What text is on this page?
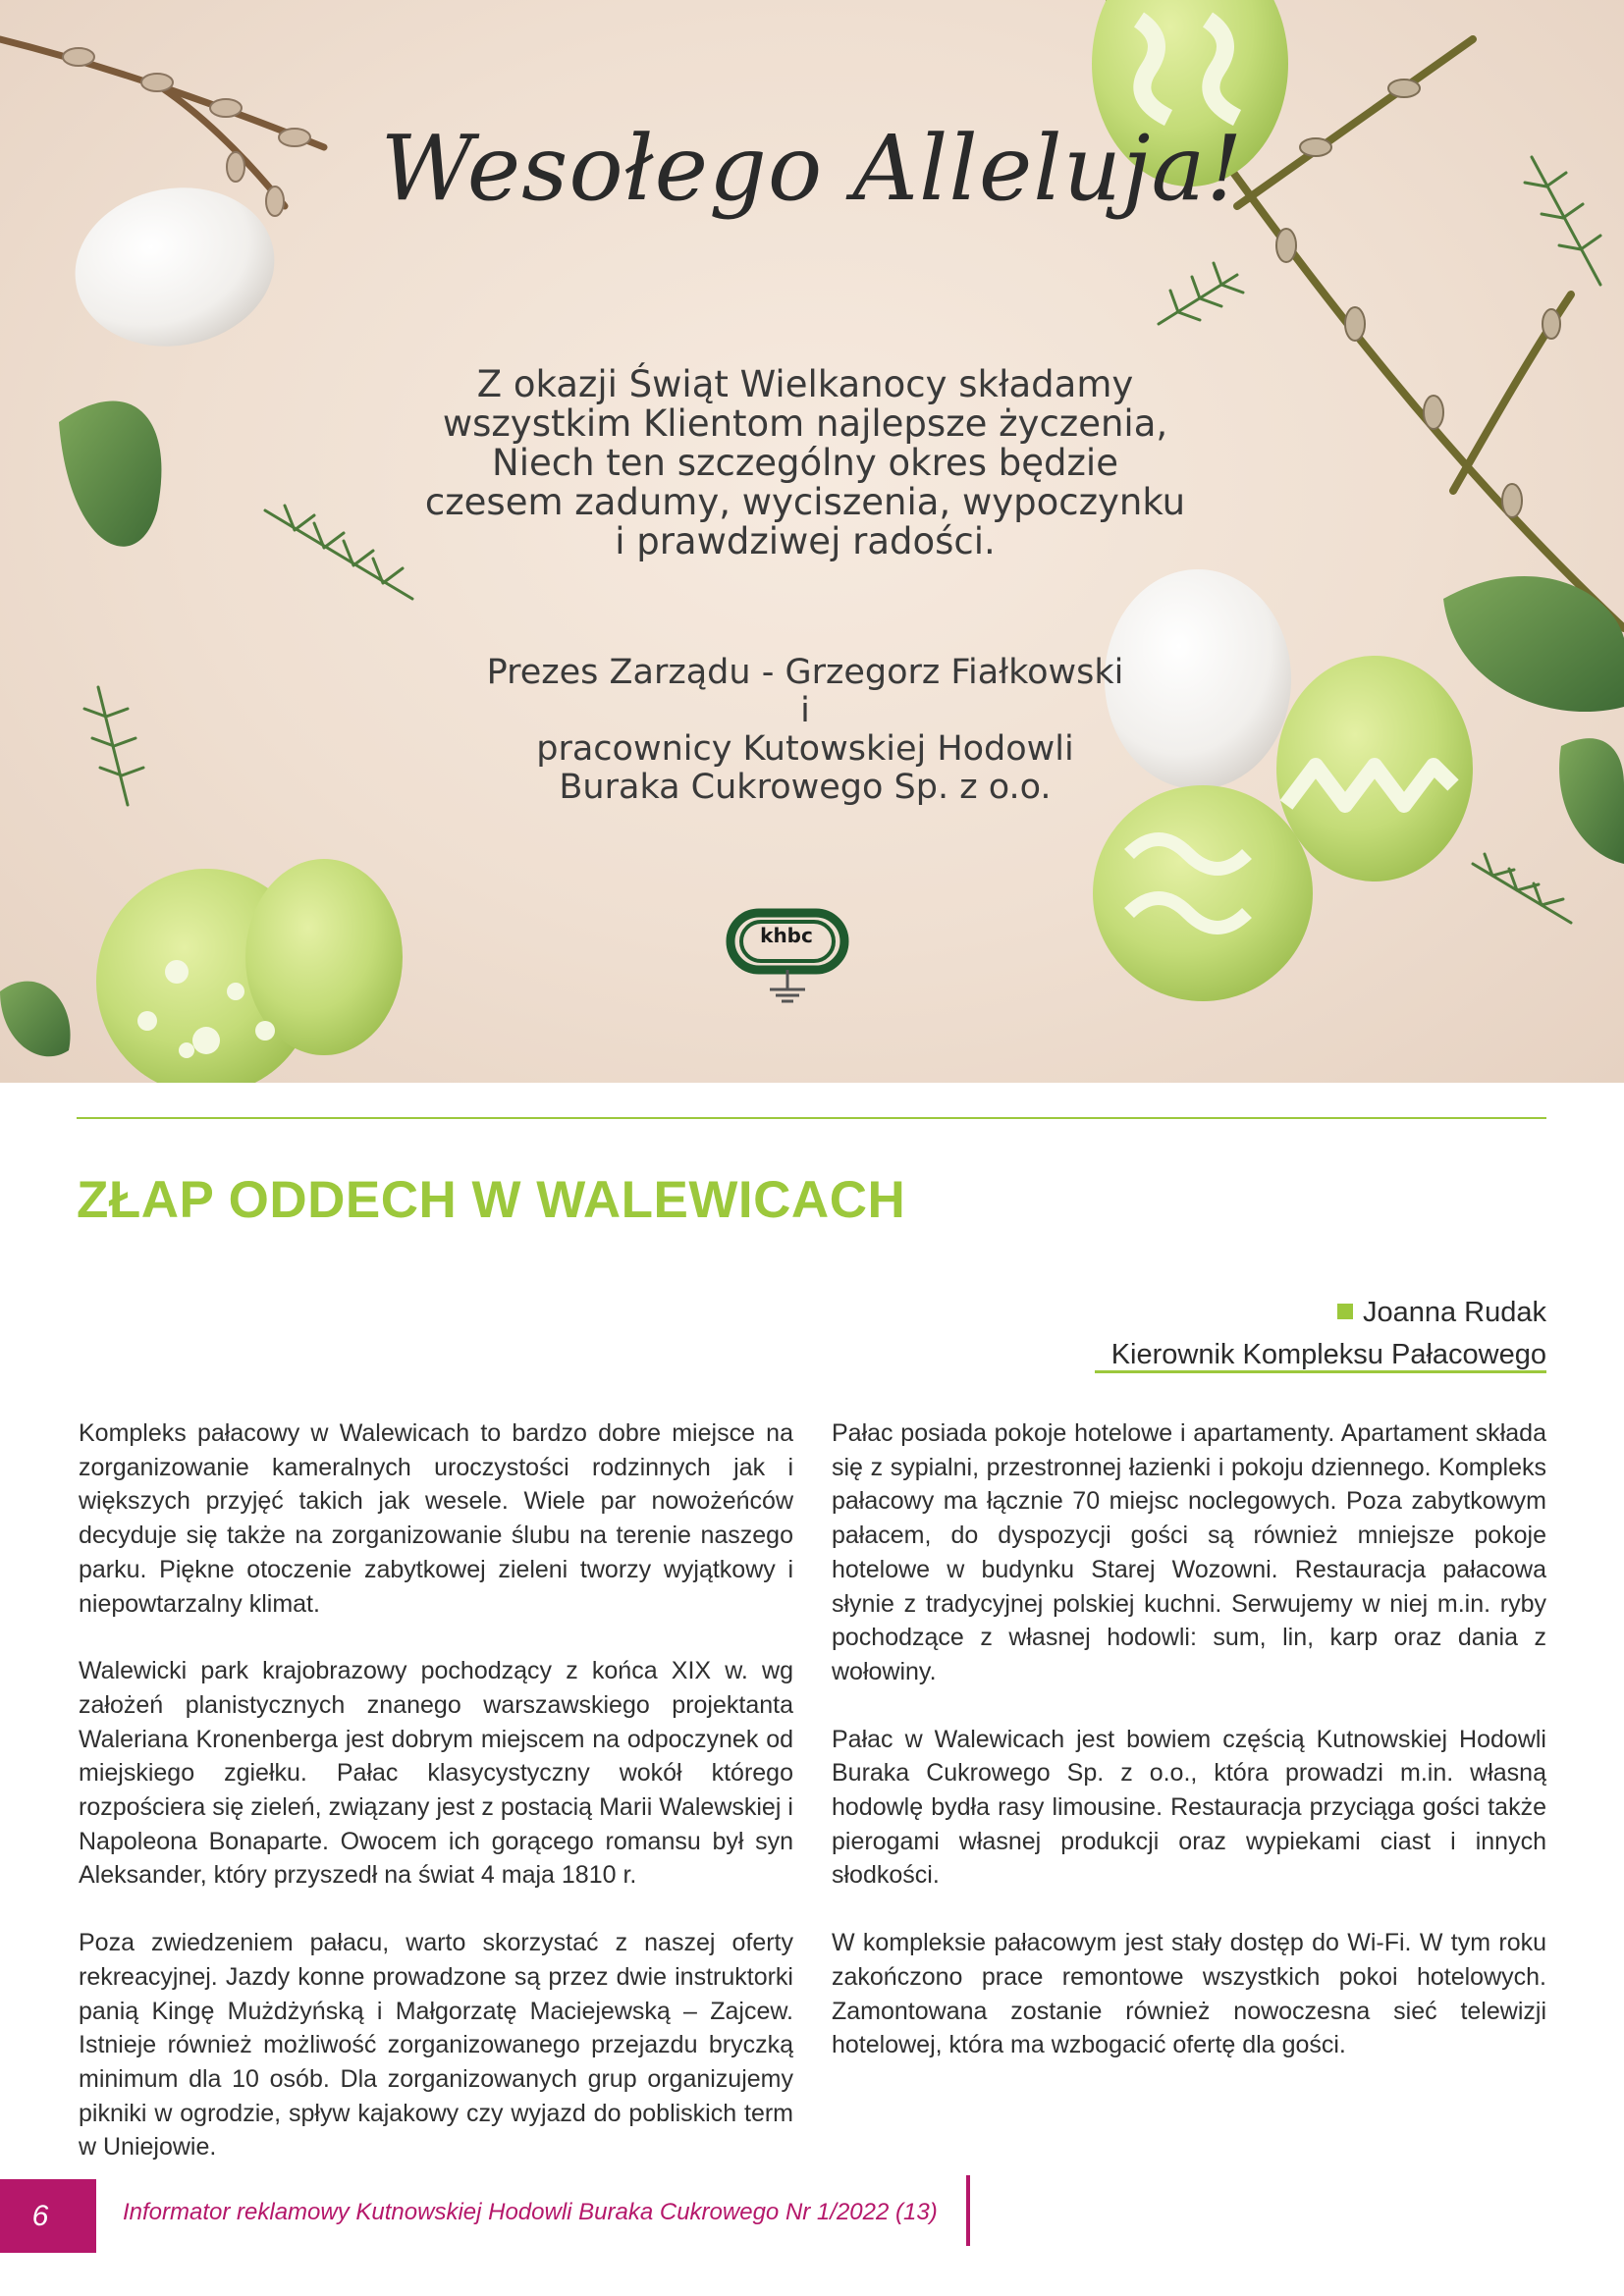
Wesołego Alleluja!
Z okazji Świąt Wielkanocy składamy
wszystkim Klientom najlepsze życzenia,
Niech ten szczególny okres będzie
czesem zadumy, wyciszenia, wypoczynku
i prawdziwej radości.
Prezes Zarządu - Grzegorz Fiałkowski
i
pracownicy Kutowskiej Hodowli
Buraka Cukrowego Sp. z o.o.
khbc
ZŁAP ODDECH W WALEWICACH
Joanna Rudak
Kierownik Kompleksu Pałacowego

Kompleks pałacowy w Walewicach to bardzo dobre miejsce na zorganizowanie kameralnych uroczystości rodzinnych jak i większych przyjęć takich jak wesele. Wiele par nowożeńców decyduje się także na zorganizowanie ślubu na terenie naszego parku. Piękne otoczenie zabytkowej zieleni tworzy wyjątkowy i niepowtarzalny klimat.

Walewicki park krajobrazowy pochodzący z końca XIX w. wg założeń planistycznych znanego warszawskiego projektanta Waleriana Kronenberga jest dobrym miejscem na odpoczynek od miejskiego zgiełku. Pałac klasycystyczny wokół którego rozpościera się zieleń, związany jest z postacią Marii Walewskiej i Napoleona Bonaparte. Owocem ich gorącego romansu był syn Aleksander, który przyszedł na świat 4 maja 1810 r.

Poza zwiedzeniem pałacu, warto skorzystać z naszej oferty rekreacyjnej. Jazdy konne prowadzone są przez dwie instruktorki panią Kingę Mużdżyńską i Małgorzatę Maciejewską – Zajcew. Istnieje również możliwość zorganizowanego przejazdu bryczką minimum dla 10 osób. Dla zorganizowanych grup organizujemy pikniki w ogrodzie, spływ kajakowy czy wyjazd do pobliskich term w Uniejowie.

Pałac posiada pokoje hotelowe i apartamenty. Apartament składa się z sypialni, przestronnej łazienki i pokoju dziennego. Kompleks pałacowy ma łącznie 70 miejsc noclegowych. Poza zabytkowym pałacem, do dyspozycji gości są również mniejsze pokoje hotelowe w budynku Starej Wozowni. Restauracja pałacowa słynie z tradycyjnej polskiej kuchni. Serwujemy w niej m.in. ryby pochodzące z własnej hodowli: sum, lin, karp oraz dania z wołowiny.

Pałac w Walewicach jest bowiem częścią Kutnowskiej Hodowli Buraka Cukrowego Sp. z o.o., która prowadzi m.in. własną hodowlę bydła rasy limousine. Restauracja przyciąga gości także pierogami własnej produkcji oraz wypiekami ciast i innych słodkości.

W kompleksie pałacowym jest stały dostęp do Wi-Fi. W tym roku zakończono prace remontowe wszystkich pokoi hotelowych. Zamontowana zostanie również nowoczesna sieć telewizji hotelowej, która ma wzbogacić ofertę dla gości.

6	Informator reklamowy Kutnowskiej Hodowli Buraka Cukrowego Nr 1/2022 (13)
